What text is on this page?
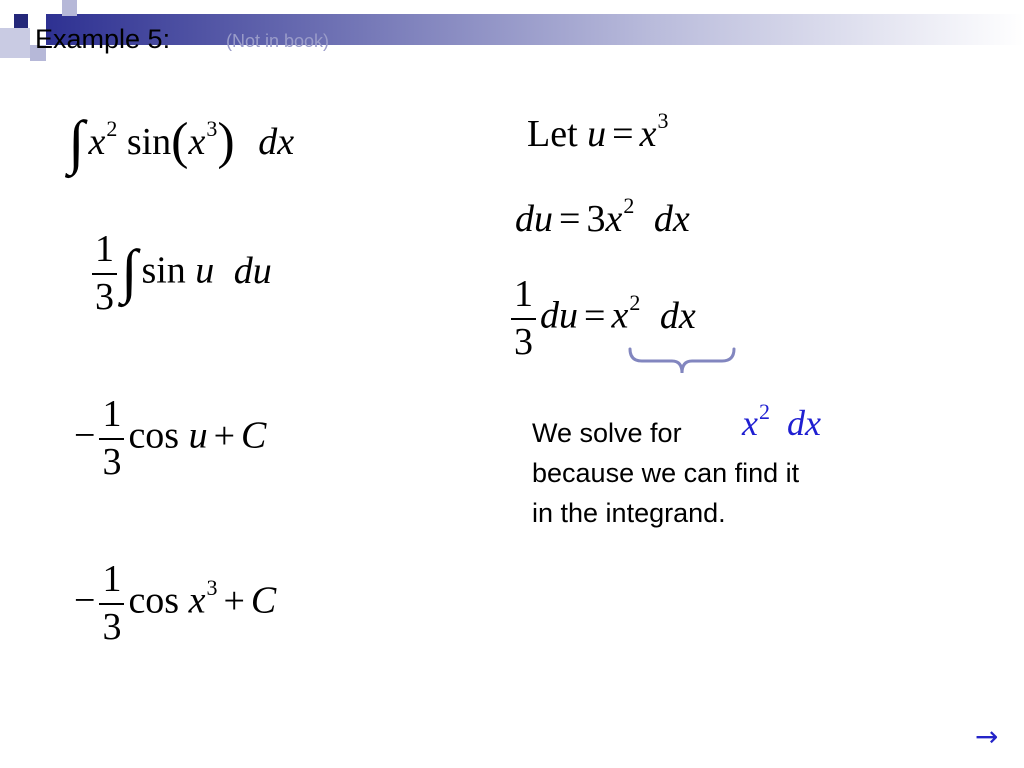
Example 5:	(Not in book)
∫ $x^2$ $\sin(x^3)$ dx
$\frac{1}{3}$ ∫ sin u du
− $\frac{1}{3}$ cos u + C
− $\frac{1}{3}$ $\cos x^3 + C$
Let $u = x^3$
du = $3x^2$ dx
$\frac{1}{3}$ du = $x^2$ dx
We solve for $x^2$ dx
because we can find it
in the integrand.
→
